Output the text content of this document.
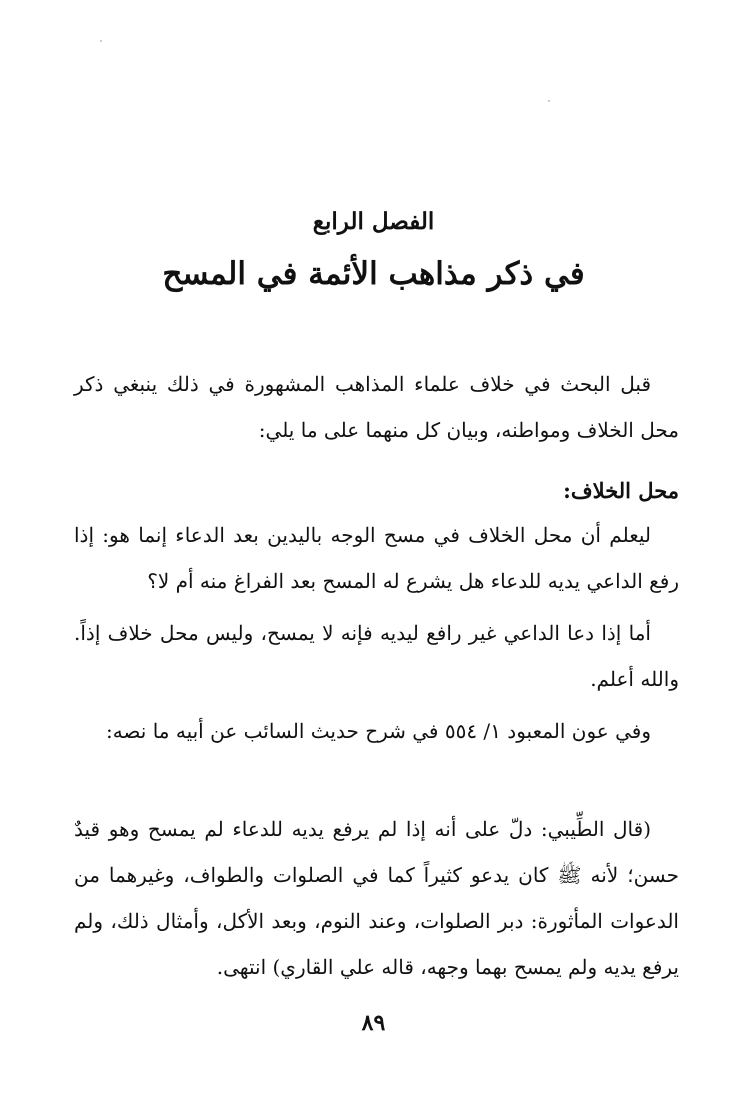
الفصل الرابع
في ذكر مذاهب الأئمة في المسح
قبل البحث في خلاف علماء المذاهب المشهورة في ذلك ينبغي ذكر محل الخلاف ومواطنه، وبيان كل منهما على ما يلي:
محل الخلاف:
ليعلم أن محل الخلاف في مسح الوجه باليدين بعد الدعاء إنما هو: إذا رفع الداعي يديه للدعاء هل يشرع له المسح بعد الفراغ منه أم لا؟
أما إذا دعا الداعي غير رافع ليديه فإنه لا يمسح، وليس محل خلاف إذاً. والله أعلم.
وفي عون المعبود ١/ ٥٥٤ في شرح حديث السائب عن أبيه ما نصه:
(قال الطِّيبي: دلّ على أنه إذا لم يرفع يديه للدعاء لم يمسح وهو قيدٌ حسن؛ لأنه ﷺ كان يدعو كثيراً كما في الصلوات والطواف، وغيرهما من الدعوات المأثورة: دبر الصلوات، وعند النوم، وبعد الأكل، وأمثال ذلك، ولم يرفع يديه ولم يمسح بهما وجهه، قاله علي القاري) انتهى.
٨٩
